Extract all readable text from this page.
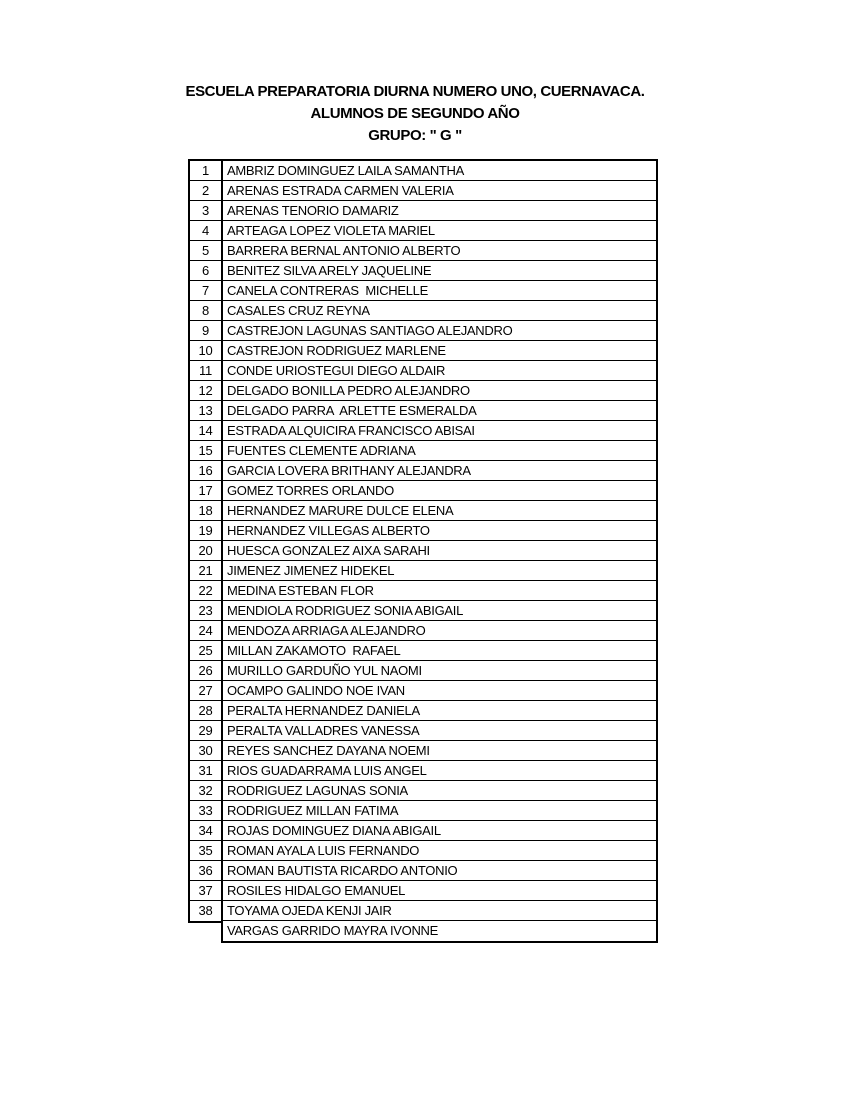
ESCUELA PREPARATORIA DIURNA NUMERO UNO, CUERNAVACA.
ALUMNOS DE SEGUNDO AÑO
GRUPO: " G "
1
2
3
4
5
6
7
8
9
10
11
12
13
14
15
16
17
18
19
20
21
22
23
24
25
26
27
28
29
30
31
32
33
34
35
36
37
38
AMBRIZ DOMINGUEZ LAILA SAMANTHA
ARENAS ESTRADA CARMEN VALERIA
ARENAS TENORIO DAMARIZ
ARTEAGA LOPEZ VIOLETA MARIEL
BARRERA BERNAL ANTONIO ALBERTO
BENITEZ SILVA ARELY JAQUELINE
CANELA CONTRERAS  MICHELLE
CASALES CRUZ REYNA
CASTREJON LAGUNAS SANTIAGO ALEJANDRO
CASTREJON RODRIGUEZ MARLENE
CONDE URIOSTEGUI DIEGO ALDAIR
DELGADO BONILLA PEDRO ALEJANDRO
DELGADO PARRA  ARLETTE ESMERALDA
ESTRADA ALQUICIRA FRANCISCO ABISAI
FUENTES CLEMENTE ADRIANA
GARCIA LOVERA BRITHANY ALEJANDRA
GOMEZ TORRES ORLANDO
HERNANDEZ MARURE DULCE ELENA
HERNANDEZ VILLEGAS ALBERTO
HUESCA GONZALEZ AIXA SARAHI
JIMENEZ JIMENEZ HIDEKEL
MEDINA ESTEBAN FLOR
MENDIOLA RODRIGUEZ SONIA ABIGAIL
MENDOZA ARRIAGA ALEJANDRO
MILLAN ZAKAMOTO  RAFAEL
MURILLO GARDUÑO YUL NAOMI
OCAMPO GALINDO NOE IVAN
PERALTA HERNANDEZ DANIELA
PERALTA VALLADRES VANESSA
REYES SANCHEZ DAYANA NOEMI
RIOS GUADARRAMA LUIS ANGEL
RODRIGUEZ LAGUNAS SONIA
RODRIGUEZ MILLAN FATIMA
ROJAS DOMINGUEZ DIANA ABIGAIL
ROMAN AYALA LUIS FERNANDO
ROMAN BAUTISTA RICARDO ANTONIO
ROSILES HIDALGO EMANUEL
TOYAMA OJEDA KENJI JAIR
VARGAS GARRIDO MAYRA IVONNE
